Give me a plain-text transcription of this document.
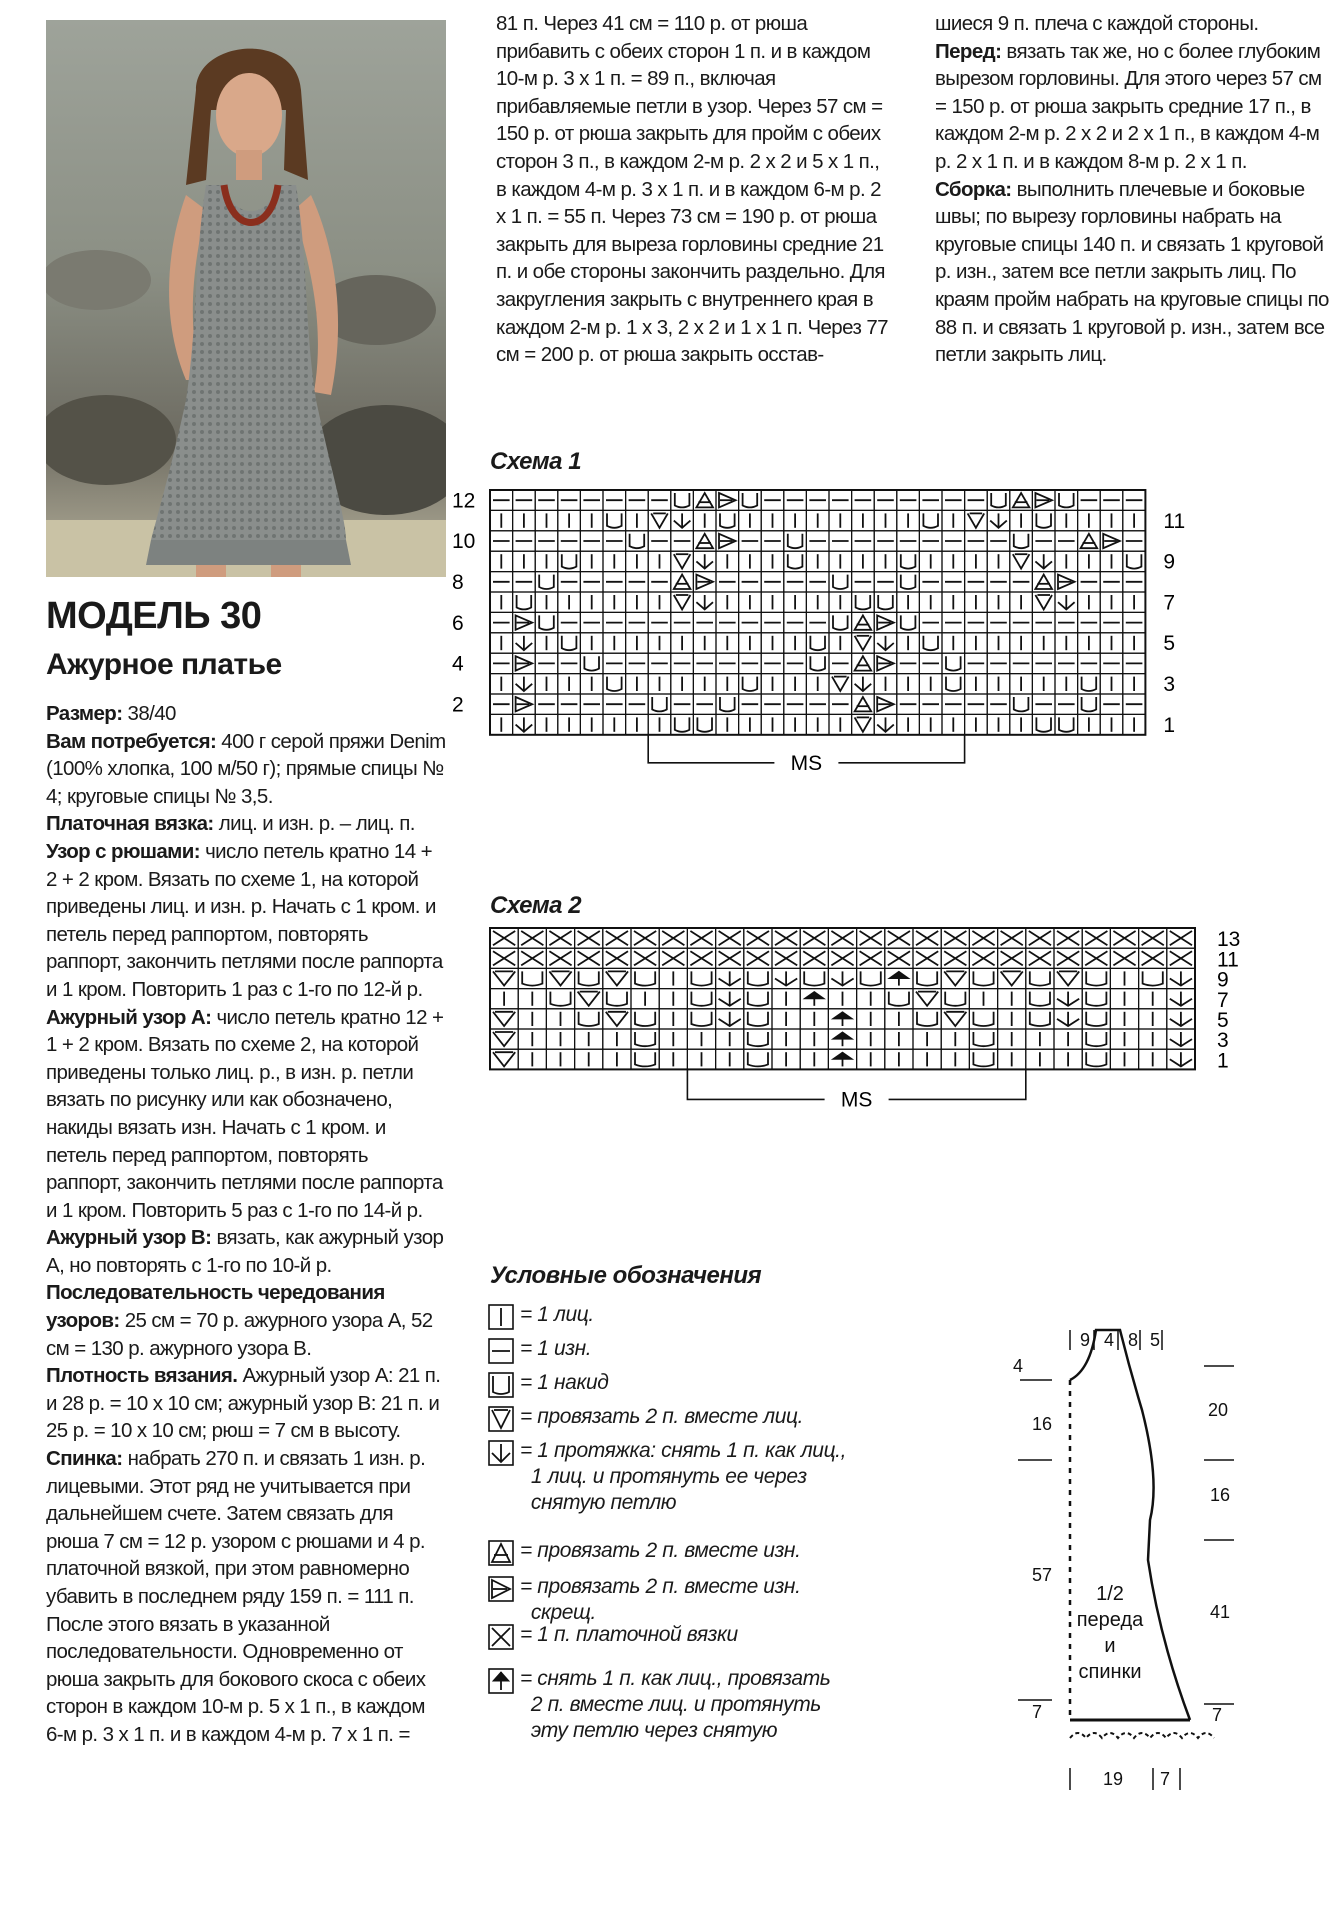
МОДЕЛЬ 30
Ажурное платье

Размер: 38/40

Вам потребуется: 400 г серой пряжи Denim (100% хлопка, 100 м/50 г); прямые спицы № 4; круговые спицы № 3,5.

Платочная вязка: лиц. и изн. р. – лиц. п.

Узор с рюшами: число петель кратно 14 + 2 + 2 кром. Вязать по схеме 1, на которой приведены лиц. и изн. р. Начать с 1 кром. и петель перед раппортом, повторять раппорт, закончить петлями после раппорта и 1 кром. Повторить 1 раз с 1-го по 12-й р.

Ажурный узор А: число петель кратно 12 + 1 + 2 кром. Вязать по схеме 2, на которой приведены только лиц. р., в изн. р. петли вязать по рисунку или как обозначено, накиды вязать изн. Начать с 1 кром. и петель перед раппортом, повторять раппорт, закончить петлями после раппорта и 1 кром. Повторить 5 раз с 1-го по 14-й р.

Ажурный узор В: вязать, как ажурный узор А, но повторять с 1-го по 10-й р.

Последовательность чередования узоров: 25 см = 70 р. ажурного узора А, 52 см = 130 р. ажурного узора В.

Плотность вязания. Ажурный узор А: 21 п. и 28 р. = 10 х 10 см; ажурный узор В: 21 п. и 25 р. = 10 х 10 см; рюш = 7 см в высоту.

Спинка: набрать 270 п. и связать 1 изн. р. лицевыми. Этот ряд не учитывается при дальнейшем счете. Затем связать для рюша 7 см = 12 р. узором с рюшами и 4 р. платочной вязкой, при этом равномерно убавить в последнем ряду 159 п. = 111 п. После этого вязать в указанной последовательности. Одновременно от рюша закрыть для бокового скоса с обеих сторон в каждом 10-м р. 5 х 1 п., в каждом 6-м р. 3 х 1 п. и в каждом 4-м р. 7 х 1 п. =

81 п. Через 41 см = 110 р. от рюша прибавить с обеих сторон 1 п. и в каждом 10-м р. 3 х 1 п. = 89 п., включая прибавляемые петли в узор. Через 57 см = 150 р. от рюша закрыть для пройм с обеих сторон 3 п., в каждом 2-м р. 2 х 2 и 5 х 1 п., в каждом 4-м р. 3 х 1 п. и в каждом 6-м р. 2 х 1 п. = 55 п. Через 73 см = 190 р. от рюша закрыть для выреза горловины средние 21 п. и обе стороны закончить раздельно. Для закругления закрыть с внутреннего края в каждом 2-м р. 1 х 3, 2 х 2 и 1 х 1 п. Через 77 см = 200 р. от рюша закрыть осстав-

шиеся 9 п. плеча с каждой стороны.

Перед: вязать так же, но с более глубоким вырезом горловины. Для этого через 57 см = 150 р. от рюша закрыть средние 17 п., в каждом 2-м р. 2 х 2 и 2 х 1 п., в каждом 4-м р. 2 х 1 п. и в каждом 8-м р. 2 х 1 п.

Сборка: выполнить плечевые и боковые швы; по вырезу горловины набрать на круговые спицы 140 п. и связать 1 круговой р. изн., затем все петли закрыть лиц. По краям пройм набрать на круговые спицы по 88 п. и связать 1 круговой р. изн., затем все петли закрыть лиц.

Схема 1
12
10
8
6
4
2
11
9
7
5
3
1
MS
Схема 2
13
11
9
7
5
3
1
MS
Условные обозначения
= 1 лиц.
= 1 изн.
= 1 накид
= провязать 2 п. вместе лиц.
= 1 протяжка: снять 1 п. как лиц.,
1 лиц. и протянуть ее через
снятую петлю
= провязать 2 п. вместе изн.
= провязать 2 п. вместе изн.
скрещ.
= 1 п. платочной вязки
= снять 1 п. как лиц., провязать
2 п. вместе лиц. и протянуть
эту петлю через снятую
9 4 8 5
4
16
57
7
20
16
41
7
19 7
1/2
переда
и
спинки
